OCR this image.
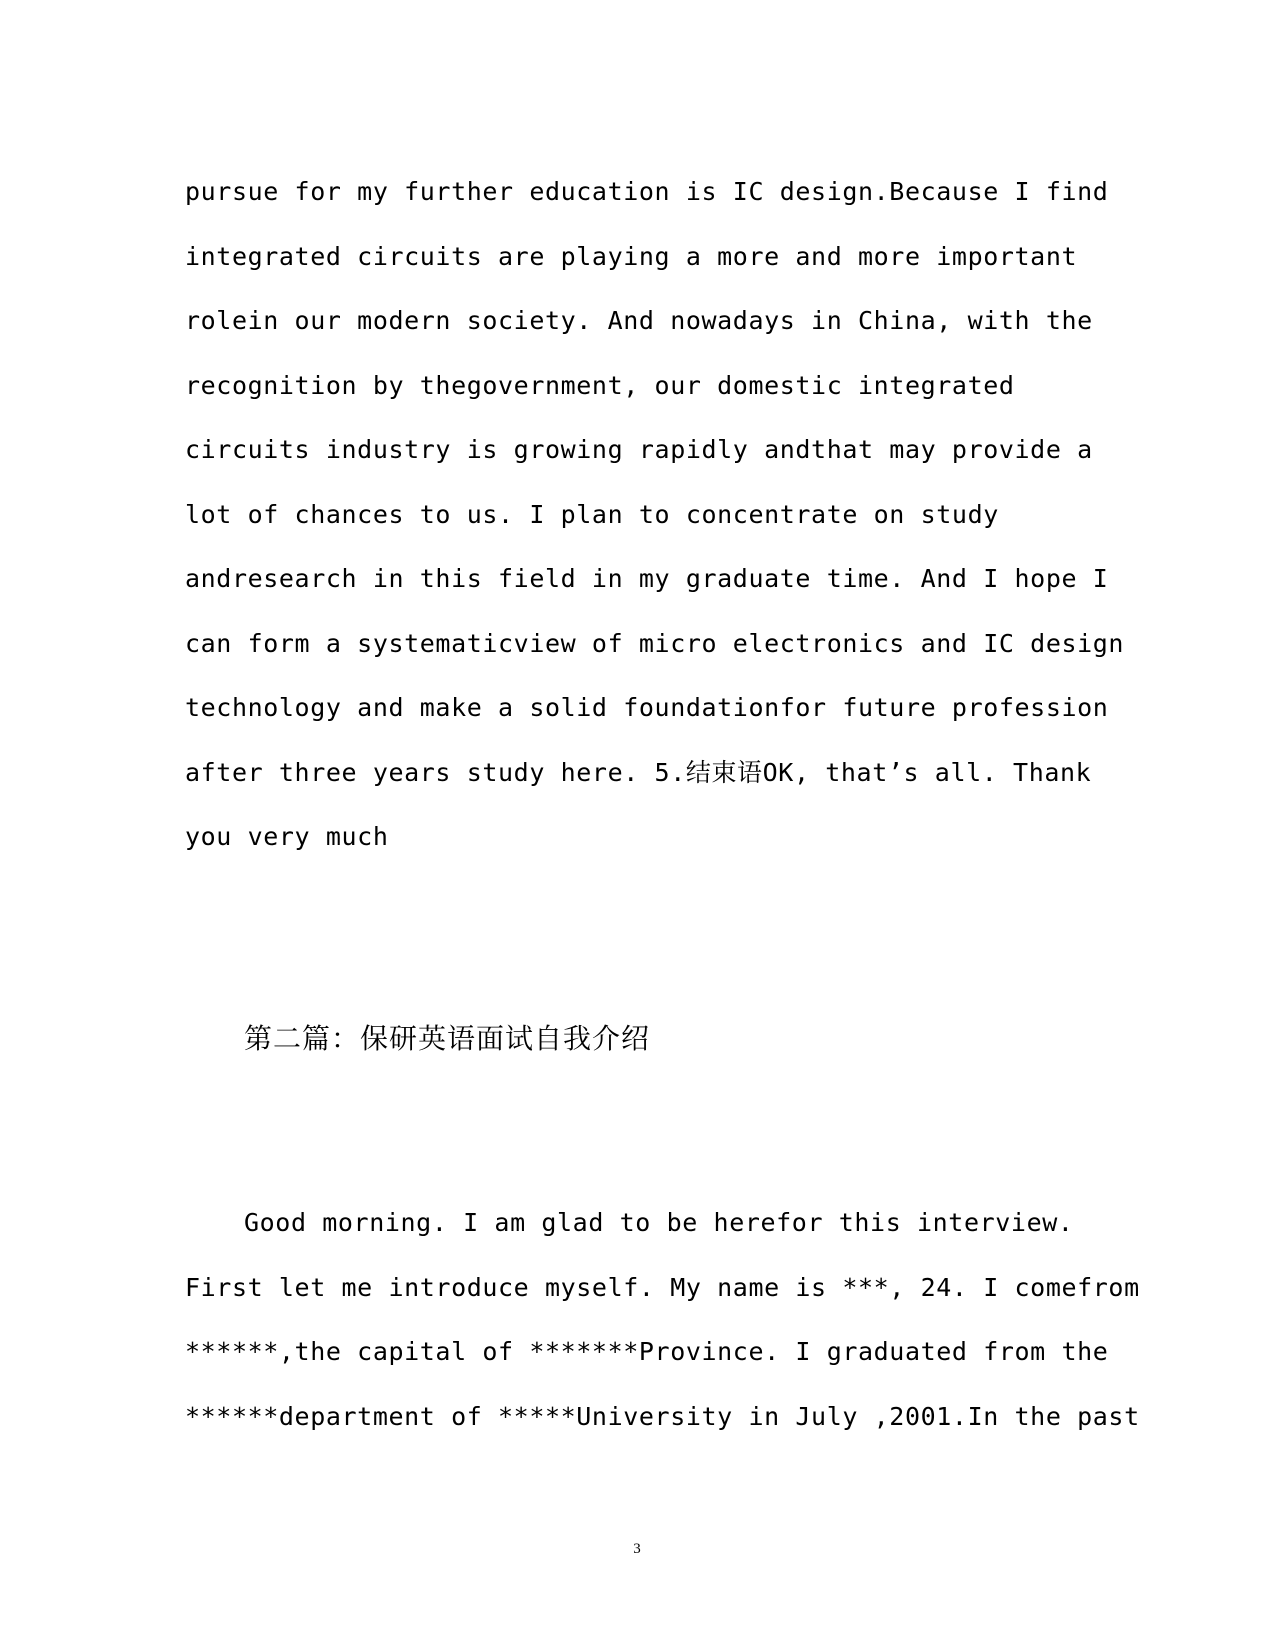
pursue for my further education is IC design.Because I find
integrated circuits are playing a more and more important
rolein our modern society. And nowadays in China, with the
recognition by thegovernment, our domestic integrated
circuits industry is growing rapidly andthat may provide a
lot of chances to us. I plan to concentrate on study
andresearch in this field in my graduate time. And I hope I
can form a systematicview of micro electronics and IC design
technology and make a solid foundationfor future profession
after three years study here. 5.结束语OK, that’s all. Thank
you very much
第二篇：保研英语面试自我介绍
Good morning. I am glad to be herefor this interview.
First let me introduce myself. My name is ***, 24. I comefrom
******,the capital of *******Province. I graduated from the
******department of *****University in July ,2001.In the past
3
